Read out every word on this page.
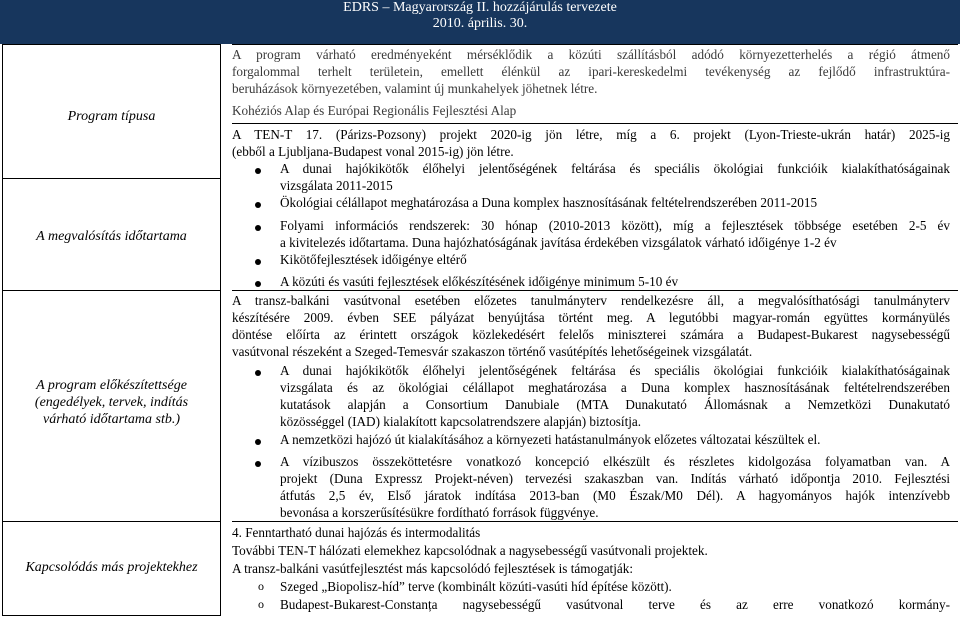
EDRS – Magyarország II. hozzájárulás tervezete
2010. április. 30.
Program típusa
A megvalósítás időtartama
A program előkészítettsége
(engedélyek, tervek, indítás
várható időtartama stb.)
Kapcsolódás más projektekhez
A program várható eredményeként mérséklődik a közúti szállításból adódó környezetterhelés a régió átmenő
forgalommal terhelt területein, emellett élénkül az ipari-kereskedelmi tevékenység az fejlődő infrastruktúra-
beruházások környezetében, valamint új munkahelyek jöhetnek létre.
Kohéziós Alap és Európai Regionális Fejlesztési Alap
A TEN-T 17. (Párizs-Pozsony) projekt 2020-ig jön létre, míg a 6. projekt (Lyon-Trieste-ukrán határ) 2025-ig
(ebből a Ljubljana-Budapest vonal 2015-ig) jön létre.
A dunai hajókikötők élőhelyi jelentőségének feltárása és speciális ökológiai funkcióik kialakíthatóságainak
vizsgálata 2011-2015
Ökológiai célállapot meghatározása a Duna komplex hasznosításának feltételrendszerében 2011-2015
Folyami információs rendszerek: 30 hónap (2010-2013 között), míg a fejlesztések többsége esetében 2-5 év
a kivitelezés időtartama. Duna hajózhatóságának javítása érdekében vizsgálatok várható időigénye 1-2 év
Kikötőfejlesztések időigénye eltérő
A közúti és vasúti fejlesztések előkészítésének időigénye minimum 5-10 év
A transz-balkáni vasútvonal esetében előzetes tanulmányterv rendelkezésre áll, a megvalósíthatósági tanulmányterv
készítésére 2009. évben SEE pályázat benyújtása történt meg. A legutóbbi magyar-román együttes kormányülés
döntése előírta az érintett országok közlekedésért felelős miniszterei számára a Budapest-Bukarest nagysebességű
vasútvonal részeként a Szeged-Temesvár szakaszon történő vasútépítés lehetőségeinek vizsgálatát.
A dunai hajókikötők élőhelyi jelentőségének feltárása és speciális ökológiai funkcióik kialakíthatóságainak
vizsgálata és az ökológiai célállapot meghatározása a Duna komplex hasznosításának feltételrendszerében
kutatások alapján a Consortium Danubiale (MTA Dunakutató Állomásnak a Nemzetközi Dunakutató
közösséggel (IAD) kialakított kapcsolatrendszere alapján) biztosítja.
A nemzetközi hajózó út kialakításához a környezeti hatástanulmányok előzetes változatai készültek el.
A vízibuszos összeköttetésre vonatkozó koncepció elkészült és részletes kidolgozása folyamatban van. A
projekt (Duna Expressz Projekt-néven) tervezési szakaszban van. Indítás várható időpontja 2010. Fejlesztési
átfutás 2,5 év, Első járatok indítása 2013-ban (M0 Észak/M0 Dél). A hagyományos hajók intenzívebb
bevonása a korszerűsítésükre fordítható források függvénye.
4. Fenntartható dunai hajózás és intermodalitás
További TEN-T hálózati elemekhez kapcsolódnak a nagysebességű vasútvonali projektek.
A transz-balkáni vasútfejlesztést más kapcsolódó fejlesztések is támogatják:
o Szeged „Biopolisz-híd” terve (kombinált közúti-vasúti híd építése között).
o Budapest-Bukarest-Constanța nagysebességű vasútvonal terve és az erre vonatkozó kormány-
